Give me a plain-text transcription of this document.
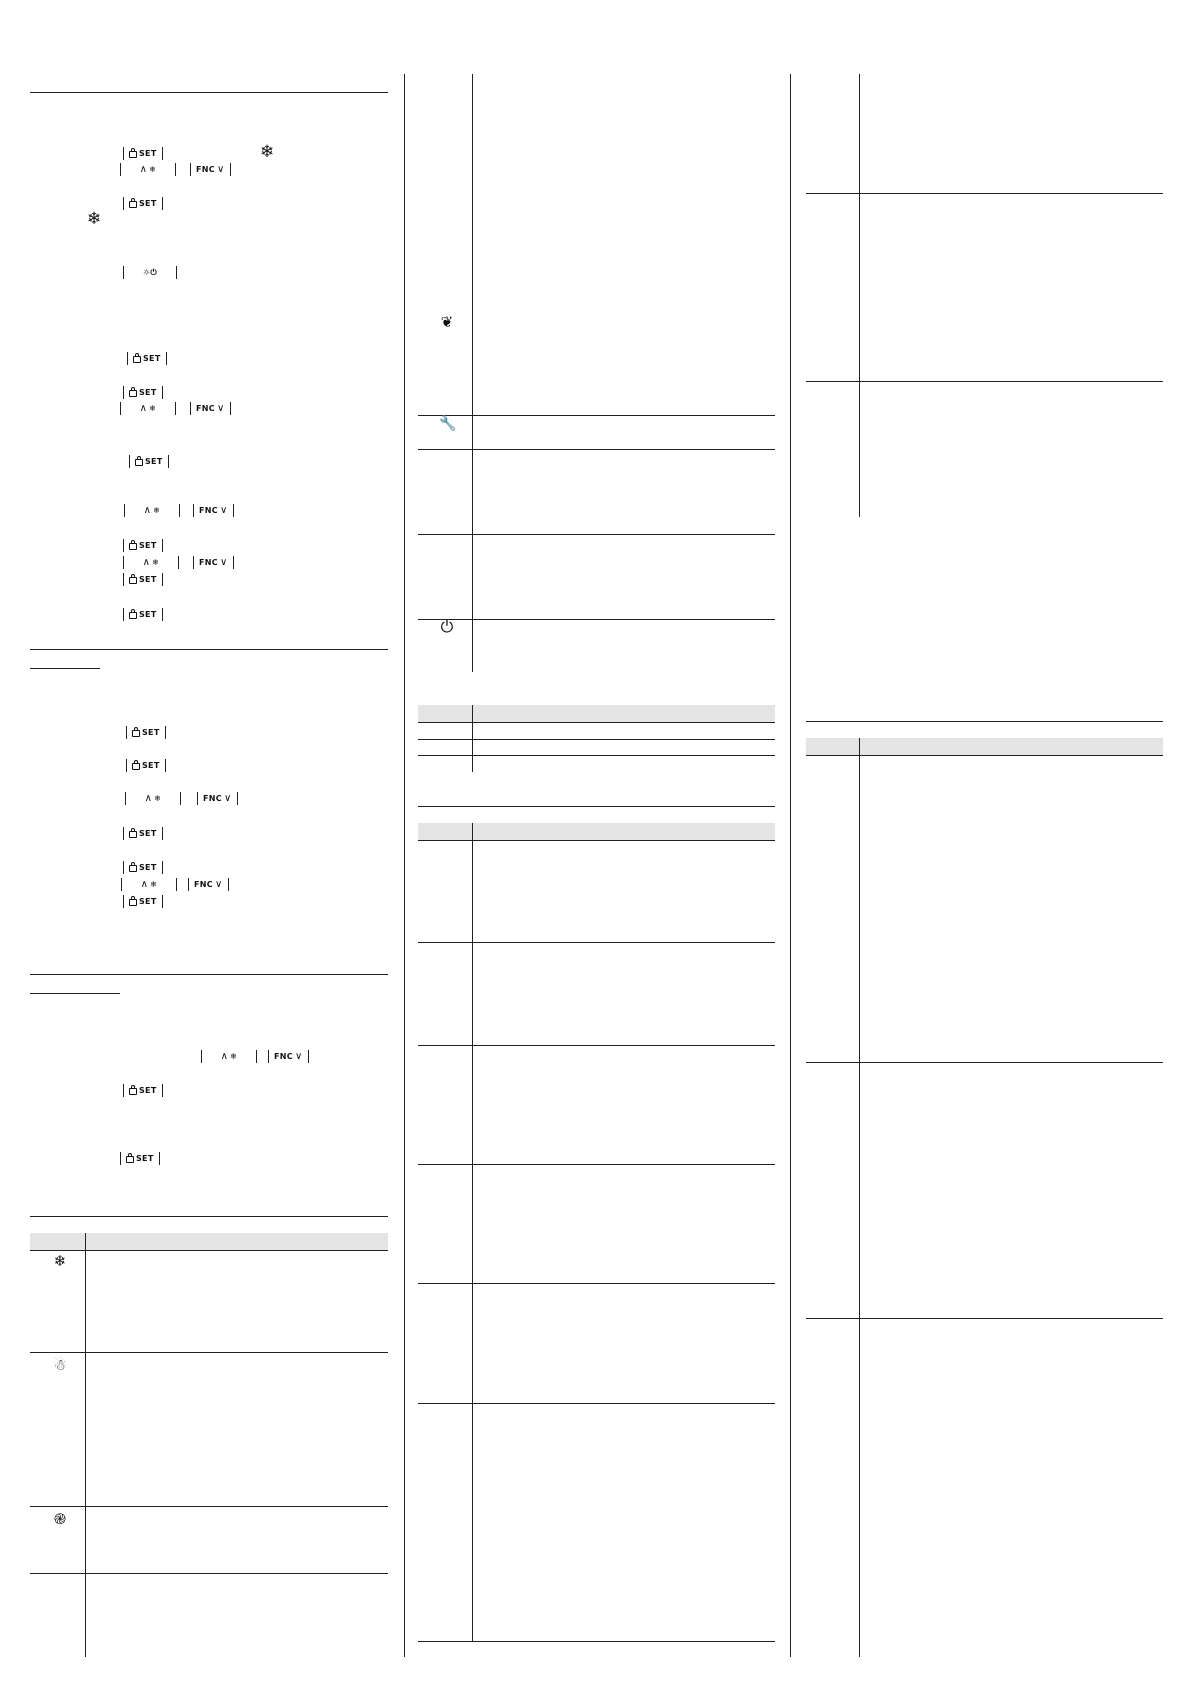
SET	❄
∧ ❄	FNC ∨
SET
❄
☼⏻
SET
SET
∧ ❄	FNC ∨
SET
∧ ❄	FNC ∨
SET
∧ ❄	FNC ∨
SET
SET
SET
SET
∧ ❄	FNC ∨
SET
SET
∧ ❄	FNC ∨
SET
∧ ❄	FNC ∨
SET
SET
❄
☃
֎
❦
🔧
⏻
